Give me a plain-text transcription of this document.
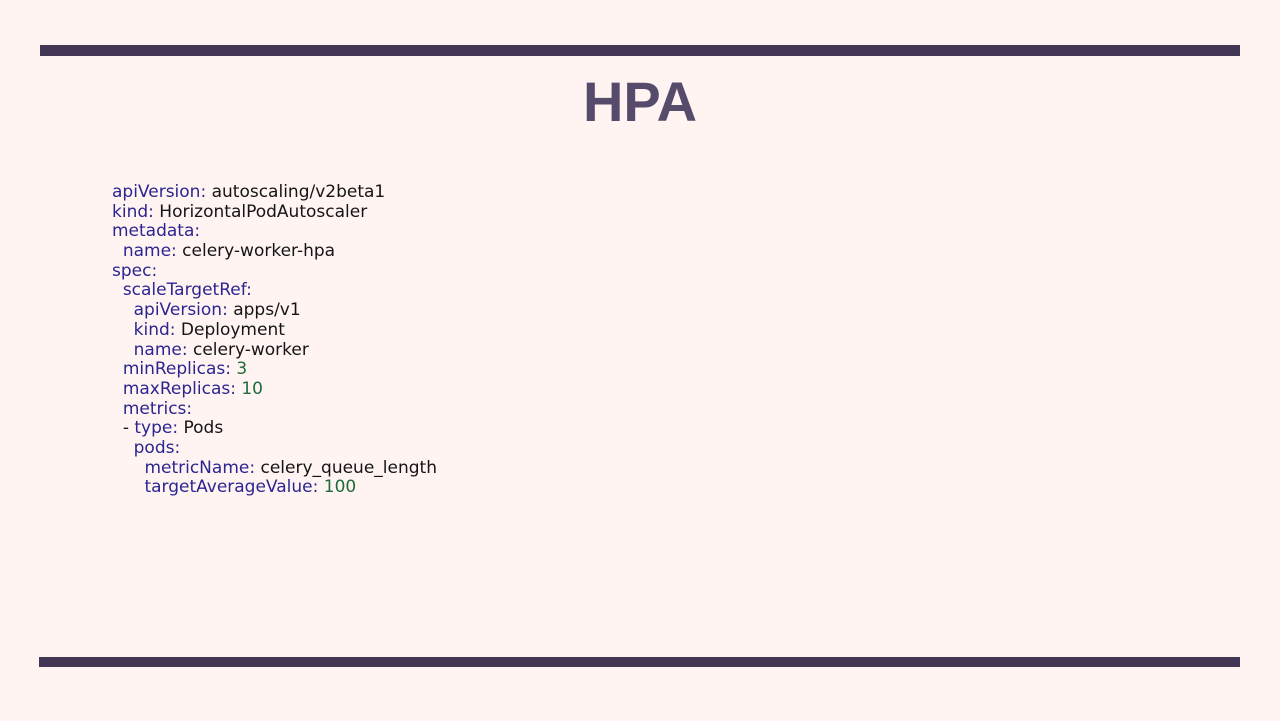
HPA
apiVersion: autoscaling/v2beta1
kind: HorizontalPodAutoscaler
metadata:
name: celery-worker-hpa
spec:
scaleTargetRef:
apiVersion: apps/v1
kind: Deployment
name: celery-worker
minReplicas: 3
maxReplicas: 10
metrics:
- type: Pods
pods:
metricName: celery_queue_length
targetAverageValue: 100
